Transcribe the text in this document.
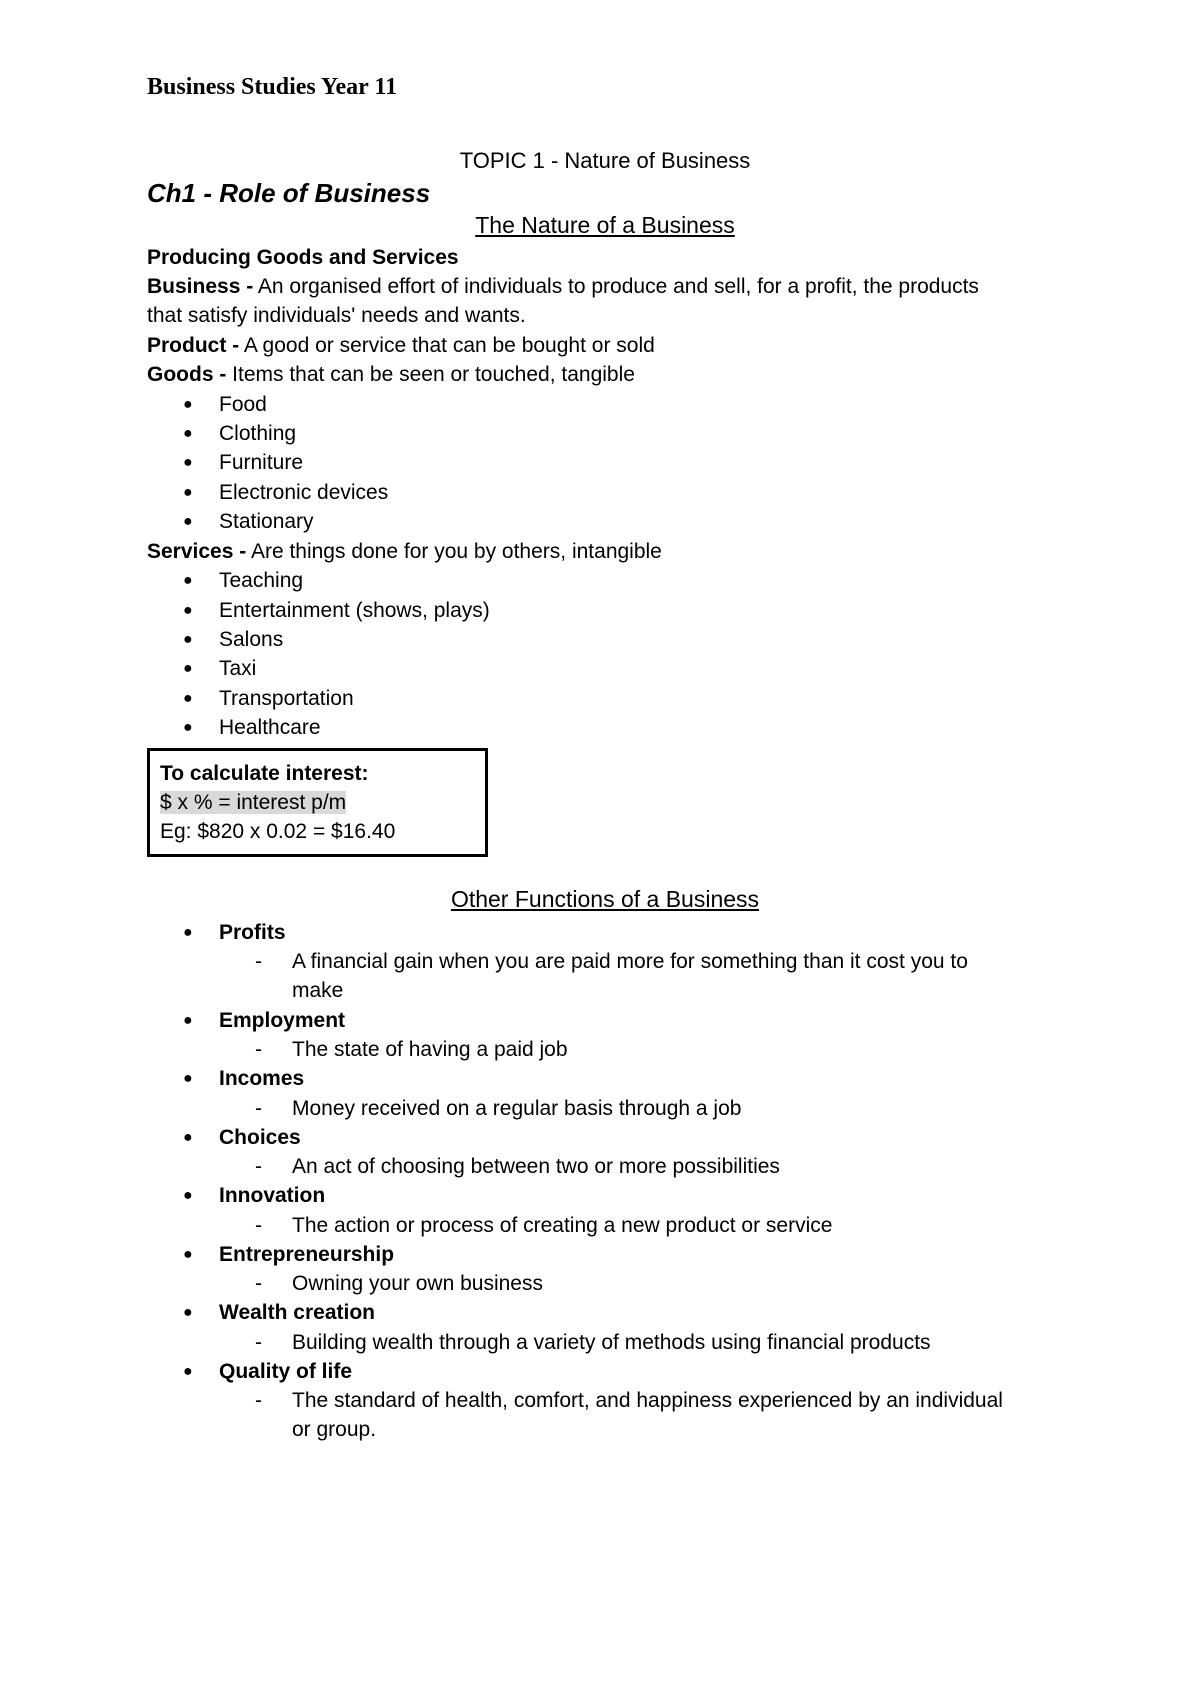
Business Studies Year 11
TOPIC 1 - Nature of Business
Ch1 - Role of Business
The Nature of a Business
Producing Goods and Services
Business - An organised effort of individuals to produce and sell, for a profit, the products
that satisfy individuals' needs and wants.
Product - A good or service that can be bought or sold
Goods - Items that can be seen or touched, tangible
● Food
● Clothing
● Furniture
● Electronic devices
● Stationary
Services - Are things done for you by others, intangible
● Teaching
● Entertainment (shows, plays)
● Salons
● Taxi
● Transportation
● Healthcare
To calculate interest:
$ x % = interest p/m
Eg: $820 x 0.02 = $16.40
Other Functions of a Business
● Profits
- A financial gain when you are paid more for something than it cost you to
make
● Employment
- The state of having a paid job
● Incomes
- Money received on a regular basis through a job
● Choices
- An act of choosing between two or more possibilities
● Innovation
- The action or process of creating a new product or service
● Entrepreneurship
- Owning your own business
● Wealth creation
- Building wealth through a variety of methods using financial products
● Quality of life
- The standard of health, comfort, and happiness experienced by an individual
or group.
